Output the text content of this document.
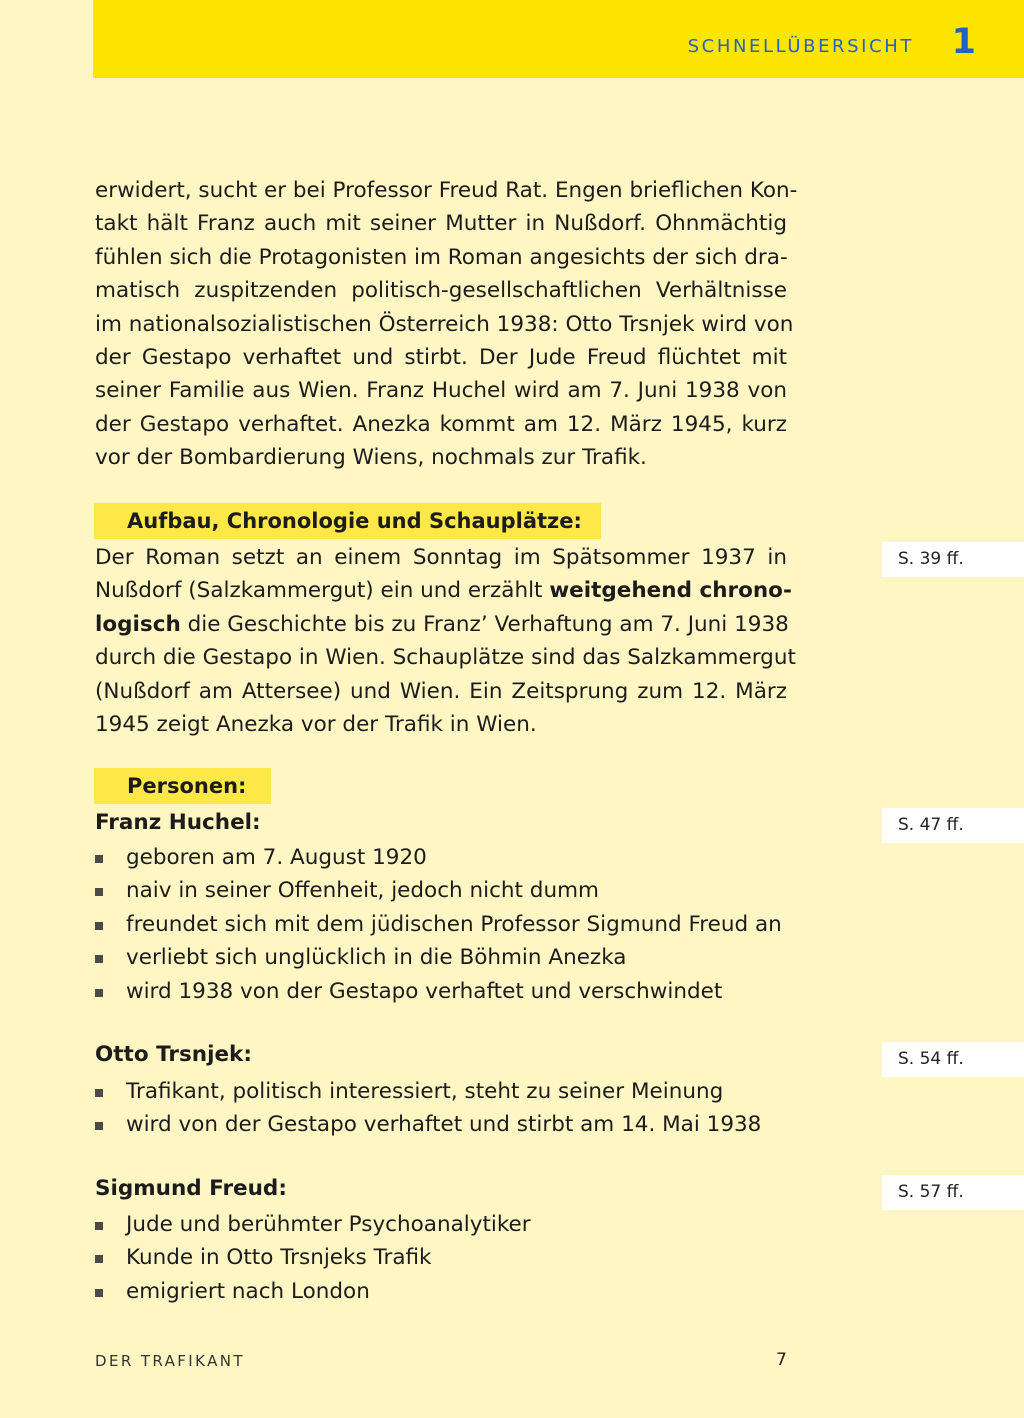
SCHNELLÜBERSICHT 1

erwidert, sucht er bei Professor Freud Rat. Engen brieflichen Kon-
takt hält Franz auch mit seiner Mutter in Nußdorf. Ohnmächtig
fühlen sich die Protagonisten im Roman angesichts der sich dra-
matisch zuspitzenden politisch-gesellschaftlichen Verhältnisse
im nationalsozialistischen Österreich 1938: Otto Trsnjek wird von
der Gestapo verhaftet und stirbt. Der Jude Freud flüchtet mit
seiner Familie aus Wien. Franz Huchel wird am 7. Juni 1938 von
der Gestapo verhaftet. Anezka kommt am 12. März 1945, kurz
vor der Bombardierung Wiens, nochmals zur Trafik.

Aufbau, Chronologie und Schauplätze:
S. 39 ff.

Der Roman setzt an einem Sonntag im Spätsommer 1937 in
Nußdorf (Salzkammergut) ein und erzählt weitgehend chrono-
logisch die Geschichte bis zu Franz’ Verhaftung am 7. Juni 1938
durch die Gestapo in Wien. Schauplätze sind das Salzkammergut
(Nußdorf am Attersee) und Wien. Ein Zeitsprung zum 12. März
1945 zeigt Anezka vor der Trafik in Wien.

Personen:
Franz Huchel:	S. 47 ff.
geboren am 7. August 1920
naiv in seiner Offenheit, jedoch nicht dumm
freundet sich mit dem jüdischen Professor Sigmund Freud an
verliebt sich unglücklich in die Böhmin Anezka
wird 1938 von der Gestapo verhaftet und verschwindet
Otto Trsnjek:	S. 54 ff.
Trafikant, politisch interessiert, steht zu seiner Meinung
wird von der Gestapo verhaftet und stirbt am 14. Mai 1938
Sigmund Freud:	S. 57 ff.
Jude und berühmter Psychoanalytiker
Kunde in Otto Trsnjeks Trafik
emigriert nach London
DER TRAFIKANT	7
